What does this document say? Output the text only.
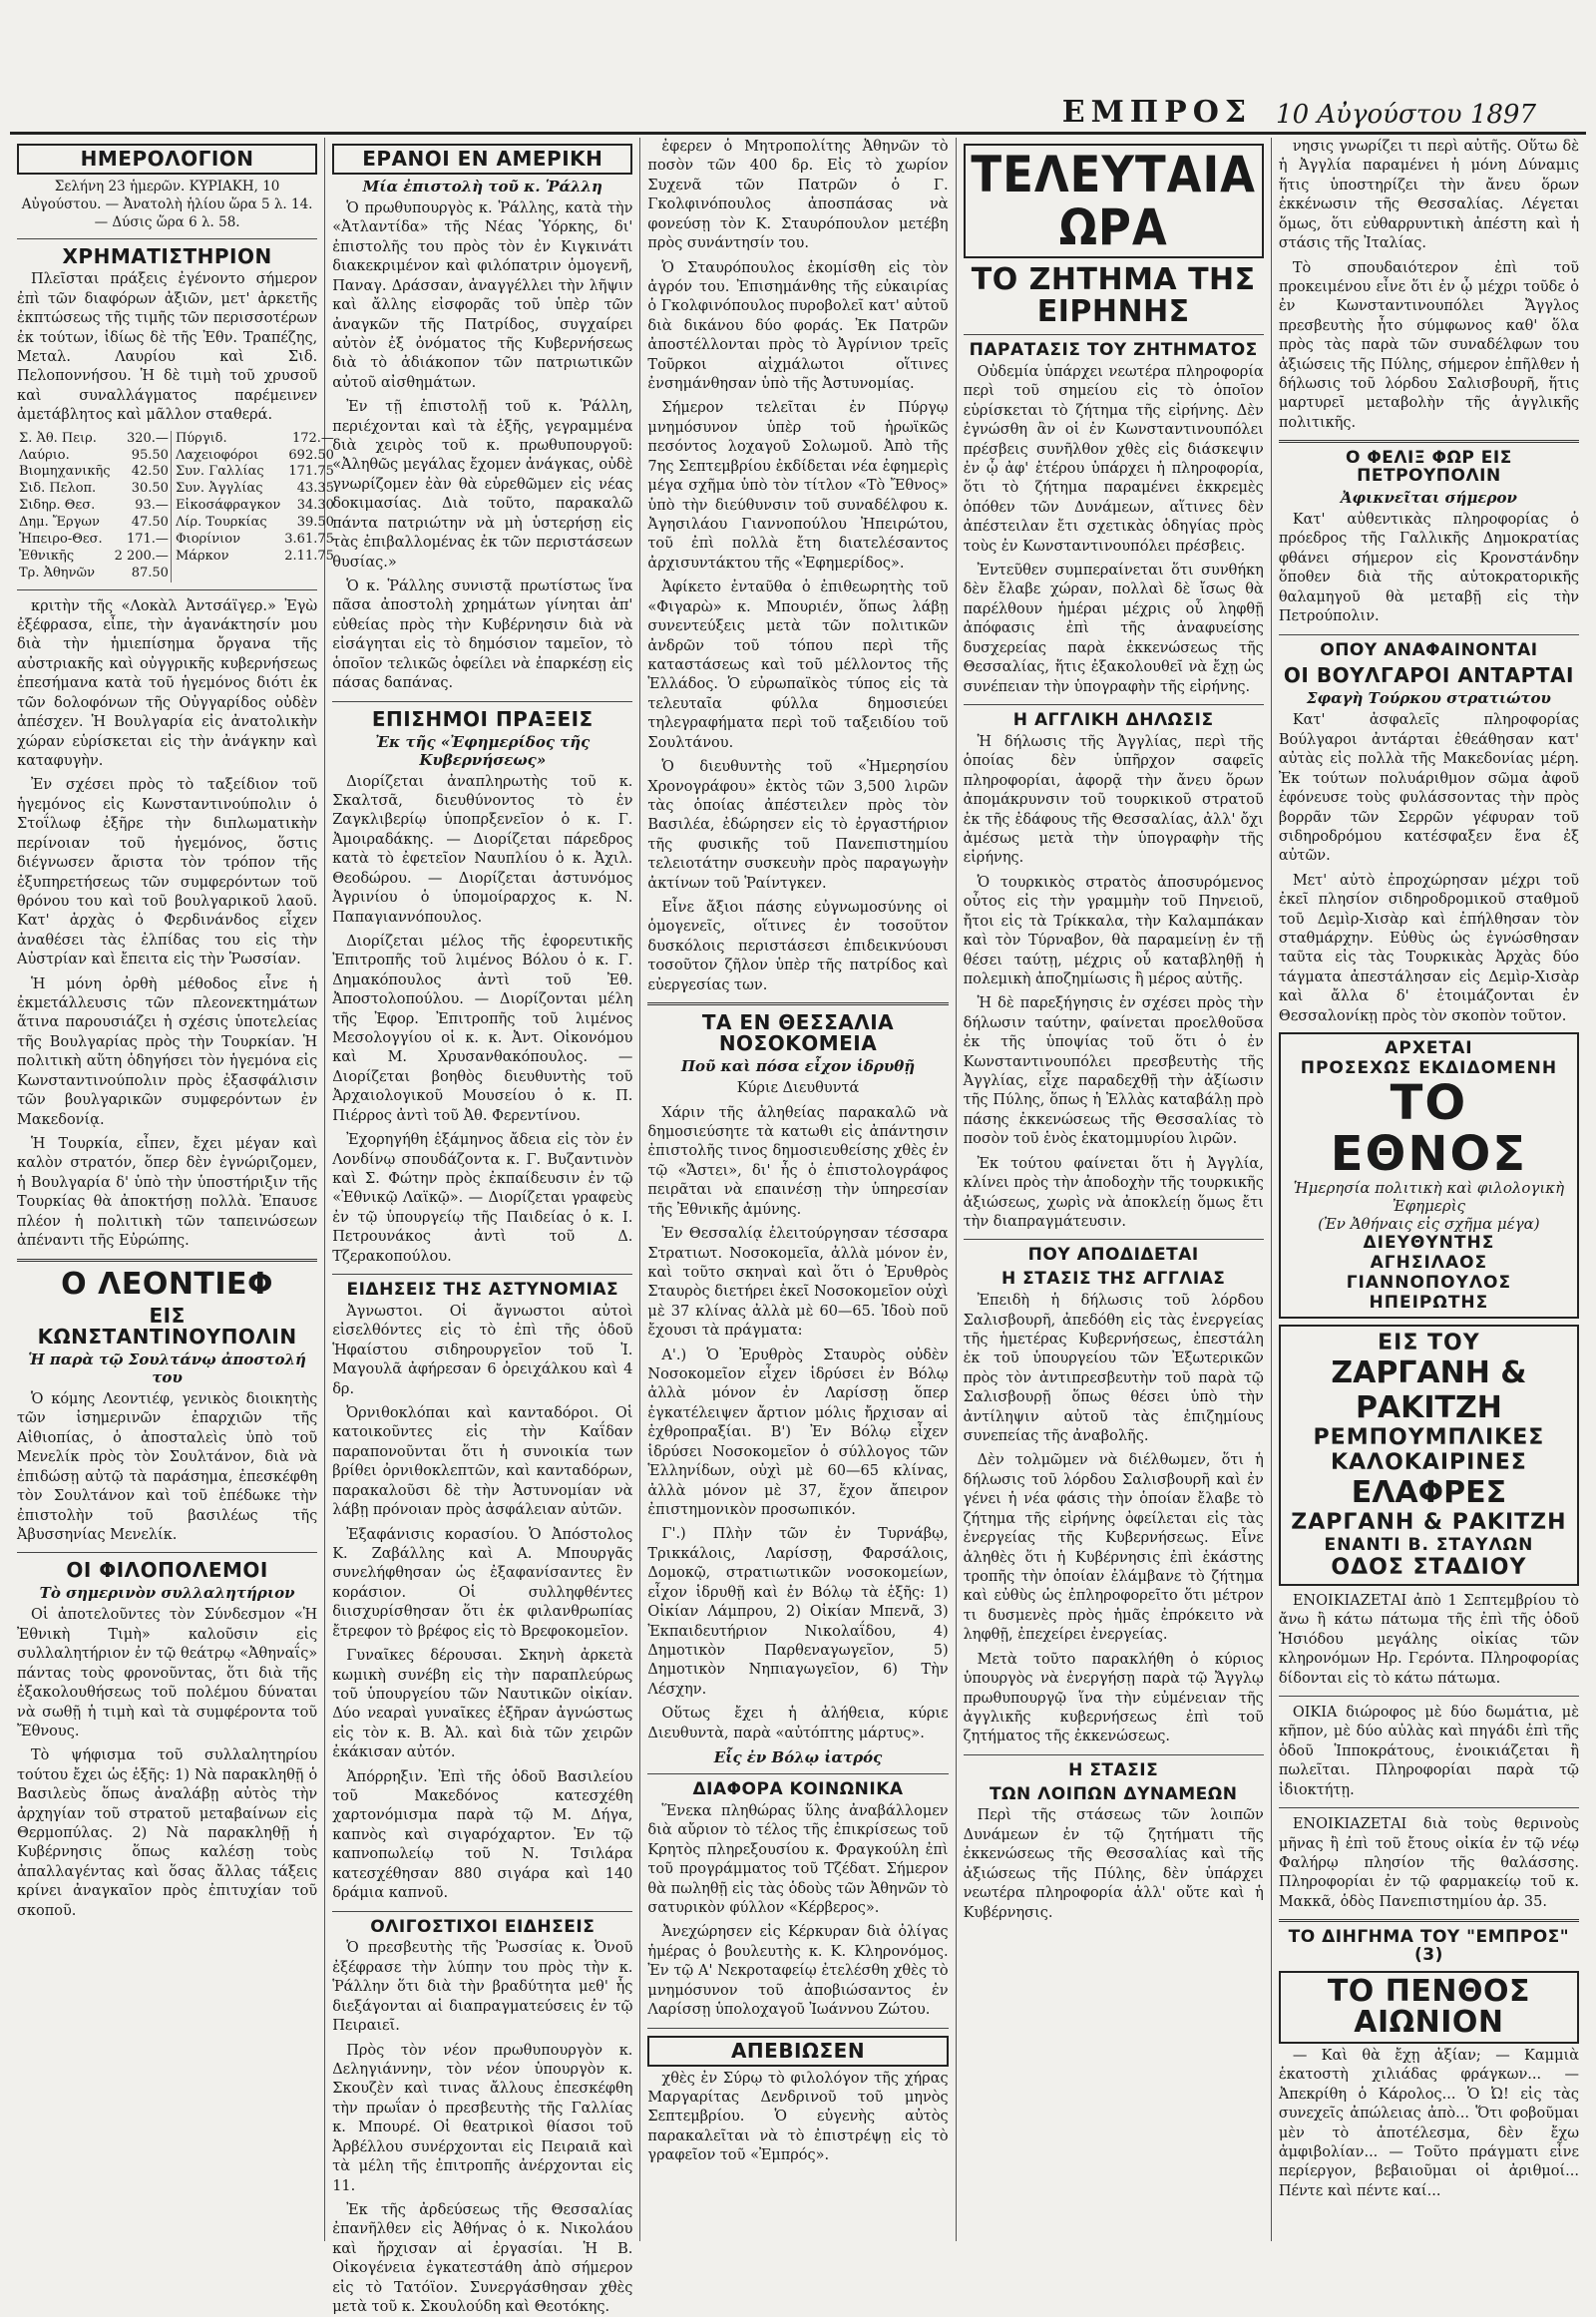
ΕΜΠΡΟΣ 10 Αὐγούστου 1897
ΗΜΕΡΟΛΟΓΙΟΝ

Σελήνη 23 ἡμερῶν. ΚΥΡΙΑΚΗ, 10 Αὐγούστου. — Ἀνατολὴ ἡλίου ὥρα 5 λ. 14. — Δύσις ὥρα 6 λ. 58.

ΧΡΗΜΑΤΙΣΤΗΡΙΟΝ

Πλεῖσται πράξεις ἐγένοντο σήμερον ἐπὶ τῶν διαφόρων ἀξιῶν, μετ' ἀρκετῆς ἐκπτώσεως τῆς τιμῆς τῶν περισσοτέρων ἐκ τούτων, ἰδίως δὲ τῆς Ἐθν. Τραπέζης, Μεταλ. Λαυρίου καὶ Σιδ. Πελοποννήσου. Ἡ δὲ τιμὴ τοῦ χρυσοῦ καὶ συναλλάγματος παρέμεινεν ἀμετάβλητος καὶ μᾶλλον σταθερά.

Σ. Ἀθ. Πειρ.	320.—	Πύργιδ.	172.—
Λαύριο.	95.50	Λαχειοφόροι	692.50
Βιομηχανικῆς	42.50	Συν. Γαλλίας	171.75
Σιδ. Πελοπ.	30.50	Συν. Ἀγγλίας	43.35
Σιδηρ. Θεσ.	93.—	Εἰκοσάφραγκον	34.30
Δημ. Ἔργων	47.50	Λίρ. Τουρκίας	39.50
Ἠπειρο-Θεσ.	171.—	Φιορίνιον	3.61.75
Ἐθνικῆς	2 200.—	Μάρκον	2.11.75
Τρ. Ἀθηνῶν	87.50		

κριτὴν τῆς «Λοκὰλ Ἀντσάϊγερ.» Ἐγὼ ἐξέφρασα, εἶπε, τὴν ἀγανάκτησίν μου διὰ τὴν ἡμιεπίσημα ὄργανα τῆς αὐστριακῆς καὶ οὐγγρικῆς κυβερνήσεως ἐπεσήμανα κατὰ τοῦ ἡγεμόνος διότι ἐκ τῶν δολοφόνων τῆς Οὐγγαρίδος οὐδὲν ἀπέσχεν. Ἡ Βουλγαρία εἰς ἀνατολικὴν χώραν εὑρίσκεται εἰς τὴν ἀνάγκην καὶ καταφυγὴν.

Ἐν σχέσει πρὸς τὸ ταξείδιον τοῦ ἡγεμόνος εἰς Κωνσταντινούπολιν ὁ Στοΐλωφ ἐξῆρε τὴν διπλωματικὴν περίνοιαν τοῦ ἡγεμόνος, ὅστις διέγνωσεν ἄριστα τὸν τρόπον τῆς ἐξυπηρετήσεως τῶν συμφερόντων τοῦ θρόνου του καὶ τοῦ βουλγαρικοῦ λαοῦ. Κατ' ἀρχὰς ὁ Φερδινάνδος εἶχεν ἀναθέσει τὰς ἐλπίδας του εἰς τὴν Αὐστρίαν καὶ ἔπειτα εἰς τὴν Ῥωσσίαν.

Ἡ μόνη ὀρθὴ μέθοδος εἶνε ἡ ἐκμετάλλευσις τῶν πλεονεκτημάτων ἅτινα παρουσιάζει ἡ σχέσις ὑποτελείας τῆς Βουλγαρίας πρὸς τὴν Τουρκίαν. Ἡ πολιτικὴ αὕτη ὁδηγήσει τὸν ἡγεμόνα εἰς Κωνσταντινούπολιν πρὸς ἐξασφάλισιν τῶν βουλγαρικῶν συμφερόντων ἐν Μακεδονίᾳ.

Ἡ Τουρκία, εἶπεν, ἔχει μέγαν καὶ καλὸν στρατόν, ὅπερ δὲν ἐγνώριζομεν, ἡ Βουλγαρία δ' ὑπὸ τὴν ὑποστήριξιν τῆς Τουρκίας θὰ ἀποκτήσῃ πολλὰ. Ἐπαυσε πλέον ἡ πολιτικὴ τῶν ταπεινώσεων ἀπέναντι τῆς Εὐρώπης.

Ο ΛΕΟΝΤΙΕΦ
ΕΙΣ ΚΩΝΣΤΑΝΤΙΝΟΥΠΟΛΙΝ
Ἡ παρὰ τῷ Σουλτάνῳ ἀποστολή του

Ὁ κόμης Λεοντιέφ, γενικὸς διοικητὴς τῶν ἰσημερινῶν ἐπαρχιῶν τῆς Αἰθιοπίας, ὁ ἀποσταλεὶς ὑπὸ τοῦ Μενελίκ πρὸς τὸν Σουλτάνον, διὰ νὰ ἐπιδώσῃ αὐτῷ τὰ παράσημα, ἐπεσκέφθη τὸν Σουλτάνον καὶ τοῦ ἐπέδωκε τὴν ἐπιστολὴν τοῦ βασιλέως τῆς Ἀβυσσηνίας Μενελίκ.

ΟΙ ΦΙΛΟΠΟΛΕΜΟΙ
Τὸ σημερινὸν συλλαλητήριον

Οἱ ἀποτελοῦντες τὸν Σύνδεσμον «Ἡ Ἐθνικὴ Τιμὴ» καλοῦσιν εἰς συλλαλητήριον ἐν τῷ θεάτρῳ «Ἀθηναΐς» πάντας τοὺς φρονοῦντας, ὅτι διὰ τῆς ἐξακολουθήσεως τοῦ πολέμου δύναται νὰ σωθῇ ἡ τιμὴ καὶ τὰ συμφέροντα τοῦ Ἔθνους.

Τὸ ψήφισμα τοῦ συλλαλητηρίου τούτου ἔχει ὡς ἑξῆς: 1) Νὰ παρακληθῇ ὁ Βασιλεὺς ὅπως ἀναλάβῃ αὐτὸς τὴν ἀρχηγίαν τοῦ στρατοῦ μεταβαίνων εἰς Θερμοπύλας. 2) Νὰ παρακληθῇ ἡ Κυβέρνησις ὅπως καλέσῃ τοὺς ἀπαλλαγέντας καὶ ὅσας ἄλλας τάξεις κρίνει ἀναγκαῖον πρὸς ἐπιτυχίαν τοῦ σκοποῦ.

ΕΡΑΝΟΙ ΕΝ ΑΜΕΡΙΚΗ
Μία ἐπιστολὴ τοῦ κ. Ῥάλλη

Ὁ πρωθυπουργὸς κ. Ῥάλλης, κατὰ τὴν «Ἀτλαντίδα» τῆς Νέας Ὑόρκης, δι' ἐπιστολῆς του πρὸς τὸν ἐν Κιγκινάτι διακεκριμένον καὶ φιλόπατριν ὁμογενῆ, Παναγ. Δράσσαν, ἀναγγέλλει τὴν λῆψιν καὶ ἄλλης εἰσφορᾶς τοῦ ὑπὲρ τῶν ἀναγκῶν τῆς Πατρίδος, συγχαίρει αὐτὸν ἐξ ὀνόματος τῆς Κυβερνήσεως διὰ τὸ ἀδιάκοπον τῶν πατριωτικῶν αὐτοῦ αἰσθημάτων.

Ἐν τῇ ἐπιστολῇ τοῦ κ. Ῥάλλη, περιέχονται καὶ τὰ ἑξῆς, γεγραμμένα διὰ χειρὸς τοῦ κ. πρωθυπουργοῦ: «Ἀληθῶς μεγάλας ἔχομεν ἀνάγκας, οὐδὲ γνωρίζομεν ἐὰν θὰ εὑρεθῶμεν εἰς νέας δοκιμασίας. Διὰ τοῦτο, παρακαλῶ πάντα πατριώτην νὰ μὴ ὑστερήσῃ εἰς τὰς ἐπιβαλλομένας ἐκ τῶν περιστάσεων θυσίας.»

Ὁ κ. Ῥάλλης συνιστᾷ πρωτίστως ἵνα πᾶσα ἀποστολὴ χρημάτων γίνηται ἀπ' εὐθείας πρὸς τὴν Κυβέρνησιν διὰ νὰ εἰσάγηται εἰς τὸ δημόσιον ταμεῖον, τὸ ὁποῖον τελικῶς ὀφείλει νὰ ἐπαρκέσῃ εἰς πάσας δαπάνας.

ΕΠΙΣΗΜΟΙ ΠΡΑΞΕΙΣ
Ἐκ τῆς «Ἐφημερίδος τῆς Κυβερνήσεως»

Διορίζεται ἀναπληρωτὴς τοῦ κ. Σκαλτσᾶ, διευθύνοντος τὸ ἐν Ζαγκλιβερίῳ ὑποπρξενεῖον ὁ κ. Γ. Ἀμοιραδάκης. — Διορίζεται πάρεδρος κατὰ τὸ ἐφετεῖον Ναυπλίου ὁ κ. Ἀχιλ. Θεοδώρου. — Διορίζεται ἀστυνόμος Ἀγρινίου ὁ ὑπομοίραρχος κ. Ν. Παπαγιαννόπουλος.

Διορίζεται μέλος τῆς ἐφορευτικῆς Ἐπιτροπῆς τοῦ λιμένος Βόλου ὁ κ. Γ. Δημακόπουλος ἀντὶ τοῦ Ἐθ. Ἀποστολοπούλου. — Διορίζονται μέλη τῆς Ἐφορ. Ἐπιτροπῆς τοῦ λιμένος Μεσολογγίου οἱ κ. κ. Ἀντ. Οἰκονόμου καὶ Μ. Χρυσανθακόπουλος. — Διορίζεται βοηθὸς διευθυντὴς τοῦ Ἀρχαιολογικοῦ Μουσείου ὁ κ. Π. Πιέρρος ἀντὶ τοῦ Ἀθ. Φερεντίνου.

Ἐχορηγήθη ἑξάμηνος ἄδεια εἰς τὸν ἐν Λονδίνῳ σπουδάζοντα κ. Γ. Βυζαντινὸν καὶ Σ. Φώτην πρὸς ἐκπαίδευσιν ἐν τῷ «Ἐθνικῷ Λαϊκῷ». — Διορίζεται γραφεὺς ἐν τῷ ὑπουργείῳ τῆς Παιδείας ὁ κ. Ι. Πετρουνάκος ἀντὶ τοῦ Δ. Τζερακοπούλου.

ΕΙΔΗΣΕΙΣ ΤΗΣ ΑΣΤΥΝΟΜΙΑΣ

Ἀγνωστοι. Οἱ ἄγνωστοι αὐτοὶ εἰσελθόντες εἰς τὸ ἐπὶ τῆς ὁδοῦ Ἡφαίστου σιδηρουργεῖον τοῦ Ἰ. Μαγουλᾶ ἀφήρεσαν 6 ὀρειχάλκου καὶ 4 δρ.

Ὀρνιθοκλόπαι καὶ κανταδόροι. Οἱ κατοικοῦντες εἰς τὴν Καΐδαν παραπονοῦνται ὅτι ἡ συνοικία των βρίθει ὀρνιθοκλεπτῶν, καὶ κανταδόρων, παρακαλοῦσι δὲ τὴν Ἀστυνομίαν νὰ λάβῃ πρόνοιαν πρὸς ἀσφάλειαν αὐτῶν.

Ἐξαφάνισις κορασίου. Ὁ Ἀπόστολος Κ. Ζαβάλλης καὶ Α. Μπουργᾶς συνελήφθησαν ὡς ἐξαφανίσαντες ἓν κοράσιον. Οἱ συλληφθέντες διισχυρίσθησαν ὅτι ἐκ φιλανθρωπίας ἔτρεφον τὸ βρέφος εἰς τὸ Βρεφοκομεῖον.

Γυναῖκες δέρουσαι. Σκηνὴ ἀρκετὰ κωμικὴ συνέβη εἰς τὴν παραπλεύρως τοῦ ὑπουργείου τῶν Ναυτικῶν οἰκίαν. Δύο νεαραὶ γυναῖκες ἐξῆραν ἀγνώστως εἰς τὸν κ. Β. Ἀλ. καὶ διὰ τῶν χειρῶν ἐκάκισαν αὐτόν.

Ἀπόρρηξιν. Ἐπὶ τῆς ὁδοῦ Βασιλείου τοῦ Μακεδόνος κατεσχέθη χαρτονόμισμα παρὰ τῷ Μ. Δήγα, καπνὸς καὶ σιγαρόχαρτον. Ἐν τῷ καπνοπωλείῳ τοῦ Ν. Τσιλάρα κατεσχέθησαν 880 σιγάρα καὶ 140 δράμια καπνοῦ.

ΟΛΙΓΟΣΤΙΧΟΙ ΕΙΔΗΣΕΙΣ

Ὁ πρεσβευτὴς τῆς Ῥωσσίας κ. Ὀνοῦ ἐξέφρασε τὴν λύπην του πρὸς τὴν κ. Ῥάλλην ὅτι διὰ τὴν βραδύτητα μεθ' ἧς διεξάγονται αἱ διαπραγματεύσεις ἐν τῷ Πειραιεῖ.

Πρὸς τὸν νέον πρωθυπουργὸν κ. Δεληγιάννην, τὸν νέον ὑπουργὸν κ. Σκουζὲν καὶ τινας ἄλλους ἐπεσκέφθη τὴν πρωΐαν ὁ πρεσβευτὴς τῆς Γαλλίας κ. Μπουρέ. Οἱ θεατρικοὶ θίασοι τοῦ Ἀρβέλλου συνέρχονται εἰς Πειραιᾶ καὶ τὰ μέλη τῆς ἐπιτροπῆς ἀνέρχονται εἰς 11.

Ἐκ τῆς ἀρδεύσεως τῆς Θεσσαλίας ἐπανῆλθεν εἰς Ἀθήνας ὁ κ. Νικολάου καὶ ἤρχισαν αἱ ἐργασίαι. Ἡ Β. Οἰκογένεια ἐγκατεστάθη ἀπὸ σήμερον εἰς τὸ Τατόϊον. Συνεργάσθησαν χθὲς μετὰ τοῦ κ. Σκουλούδη καὶ Θεοτόκης.

ἐφερεν ὁ Μητροπολίτης Ἀθηνῶν τὸ ποσὸν τῶν 400 δρ. Εἰς τὸ χωρίον Συχενᾶ τῶν Πατρῶν ὁ Γ. Γκολφινόπουλος ἀποσπάσας νὰ φονεύσῃ τὸν Κ. Σταυρόπουλον μετέβη πρὸς συνάντησίν του.

Ὁ Σταυρόπουλος ἐκομίσθη εἰς τὸν ἀγρόν του. Ἐπισημάνθης τῆς εὐκαιρίας ὁ Γκολφινόπουλος πυροβολεῖ κατ' αὐτοῦ διὰ δικάνου δύο φοράς. Ἐκ Πατρῶν ἀποστέλλονται πρὸς τὸ Ἀγρίνιον τρεῖς Τοῦρκοι αἰχμάλωτοι οἵτινες ἐνσημάνθησαν ὑπὸ τῆς Ἀστυνομίας.

Σήμερον τελεῖται ἐν Πύργῳ μνημόσυνον ὑπὲρ τοῦ ἡρωϊκῶς πεσόντος λοχαγοῦ Σολωμοῦ. Ἀπὸ τῆς 7ης Σεπτεμβρίου ἐκδίδεται νέα ἐφημερὶς μέγα σχῆμα ὑπὸ τὸν τίτλον «Τὸ Ἔθνος» ὑπὸ τὴν διεύθυνσιν τοῦ συναδέλφου κ. Ἀγησιλάου Γιαννοπούλου Ἠπειρώτου, τοῦ ἐπὶ πολλὰ ἔτη διατελέσαντος ἀρχισυντάκτου τῆς «Ἐφημερίδος».

Ἀφίκετο ἐνταῦθα ὁ ἐπιθεωρητὴς τοῦ «Φιγαρὼ» κ. Μπουριέν, ὅπως λάβῃ συνεντεύξεις μετὰ τῶν πολιτικῶν ἀνδρῶν τοῦ τόπου περὶ τῆς καταστάσεως καὶ τοῦ μέλλοντος τῆς Ἑλλάδος. Ὁ εὐρωπαϊκὸς τύπος εἰς τὰ τελευταῖα φύλλα δημοσιεύει τηλεγραφήματα περὶ τοῦ ταξειδίου τοῦ Σουλτάνου.

Ὁ διευθυντὴς τοῦ «Ἡμερησίου Χρονογράφου» ἐκτὸς τῶν 3,500 λιρῶν τὰς ὁποίας ἀπέστειλεν πρὸς τὸν Βασιλέα, ἐδώρησεν εἰς τὸ ἐργαστήριον τῆς φυσικῆς τοῦ Πανεπιστημίου τελειοτάτην συσκευὴν πρὸς παραγωγὴν ἀκτίνων τοῦ Ῥαίντγκεν.

Εἶνε ἄξιοι πάσης εὐγνωμοσύνης οἱ ὁμογενεῖς, οἵτινες ἐν τοσοῦτον δυσκόλοις περιστάσεσι ἐπιδεικνύουσι τοσοῦτον ζῆλον ὑπὲρ τῆς πατρίδος καὶ εὐεργεσίας των.

ΤΑ ΕΝ ΘΕΣΣΑΛΙΑ ΝΟΣΟΚΟΜΕΙΑ
Ποῦ καὶ πόσα εἶχον ἱδρυθῇ

Κύριε Διευθυντά

Χάριν τῆς ἀληθείας παρακαλῶ νὰ δημοσιεύσητε τὰ κατωθι εἰς ἀπάντησιν ἐπιστολῆς τινος δημοσιευθείσης χθὲς ἐν τῷ «Ἄστει», δι' ἧς ὁ ἐπιστολογράφος πειρᾶται νὰ επαινέσῃ τὴν ὑπηρεσίαν τῆς Ἐθνικῆς ἀμύνης.

Ἐν Θεσσαλίᾳ ἐλειτούργησαν τέσσαρα Στρατιωτ. Νοσοκομεῖα, ἀλλὰ μόνον ἐν, καὶ τοῦτο σκηναὶ καὶ ὅτι ὁ Ἐρυθρὸς Σταυρὸς διετήρει ἐκεῖ Νοσοκομεῖον οὐχὶ μὲ 37 κλίνας ἀλλὰ μὲ 60—65. Ἰδοὺ ποῦ ἔχουσι τὰ πράγματα:

Α'.) Ὁ Ἐρυθρὸς Σταυρὸς οὐδὲν Νοσοκομεῖον εἶχεν ἱδρύσει ἐν Βόλῳ ἀλλὰ μόνον ἐν Λαρίσσῃ ὅπερ ἐγκατέλειψεν ἄρτιον μόλις ἤρχισαν αἱ ἐχθροπραξίαι. Β') Ἐν Βόλῳ εἶχεν ἱδρύσει Νοσοκομεῖον ὁ σύλλογος τῶν Ἑλληνίδων, οὐχὶ μὲ 60—65 κλίνας, ἀλλὰ μόνον μὲ 37, ἔχον ἄπειρον ἐπιστημονικὸν προσωπικόν.

Γ'.) Πλὴν τῶν ἐν Τυρνάβῳ, Τρικκάλοις, Λαρίσσῃ, Φαρσάλοις, Δομοκῷ, στρατιωτικῶν νοσοκομείων, εἶχον ἱδρυθῇ καὶ ἐν Βόλῳ τὰ ἑξῆς: 1) Οἰκίαν Λάμπρου, 2) Οἰκίαν Μπενᾶ, 3) Ἐκπαιδευτήριον Νικολαΐδου, 4) Δημοτικὸν Παρθεναγωγεῖον, 5) Δημοτικὸν Νηπιαγωγεῖον, 6) Τὴν Λέσχην.

Οὕτως ἔχει ἡ ἀλήθεια, κύριε Διευθυντὰ, παρὰ «αὐτόπτης μάρτυς».

Εἷς ἐν Βόλῳ ἰατρός
ΔΙΑΦΟΡΑ ΚΟΙΝΩΝΙΚΑ

Ἕνεκα πληθώρας ὕλης ἀναβάλλομεν διὰ αὔριον τὸ τέλος τῆς ἐπικρίσεως τοῦ Κρητὸς πληρεξουσίου κ. Φραγκούλη ἐπὶ τοῦ προγράμματος τοῦ Τζέδατ. Σήμερον θὰ πωληθῇ εἰς τὰς ὁδοὺς τῶν Ἀθηνῶν τὸ σατυρικὸν φύλλον «Κέρβερος».

Ἀνεχώρησεν εἰς Κέρκυραν διὰ ὀλίγας ἡμέρας ὁ βουλευτὴς κ. Κ. Κληρονόμος. Ἐν τῷ Α' Νεκροταφείῳ ἐτελέσθη χθὲς τὸ μνημόσυνον τοῦ ἀποβιώσαντος ἐν Λαρίσσῃ ὑπολοχαγοῦ Ἰωάννου Ζώτου.

ΑΠΕΒΙΩΣΕΝ

χθὲς ἐν Σύρῳ τὸ φιλολόγον τῆς χήρας Μαργαρίτας Δενδρινοῦ τοῦ μηνὸς Σεπτεμβρίου. Ὁ εὐγενὴς αὐτὸς παρακαλεῖται νὰ τὸ ἐπιστρέψῃ εἰς τὸ γραφεῖον τοῦ «Ἐμπρός».

ΤΕΛΕΥΤΑΙΑ ΩΡΑ
ΤΟ ΖΗΤΗΜΑ ΤΗΣ ΕΙΡΗΝΗΣ
ΠΑΡΑΤΑΣΙΣ ΤΟΥ ΖΗΤΗΜΑΤΟΣ

Οὐδεμία ὑπάρχει νεωτέρα πληροφορία περὶ τοῦ σημείου εἰς τὸ ὁποῖον εὑρίσκεται τὸ ζήτημα τῆς εἰρήνης. Δὲν ἐγνώσθη ἂν οἱ ἐν Κωνσταντινουπόλει πρέσβεις συνῆλθον χθὲς εἰς διάσκεψιν ἐν ᾧ ἀφ' ἑτέρου ὑπάρχει ἡ πληροφορία, ὅτι τὸ ζήτημα παραμένει ἐκκρεμὲς ὁπόθεν τῶν Δυνάμεων, αἵτινες δὲν ἀπέστειλαν ἔτι σχετικὰς ὁδηγίας πρὸς τοὺς ἐν Κωνσταντινουπόλει πρέσβεις.

Ἐντεῦθεν συμπεραίνεται ὅτι συνθήκη δὲν ἔλαβε χώραν, πολλαὶ δὲ ἴσως θὰ παρέλθουν ἡμέραι μέχρις οὗ ληφθῇ ἀπόφασις ἐπὶ τῆς ἀναφυείσης δυσχερείας παρὰ ἐκκενώσεως τῆς Θεσσαλίας, ἥτις ἐξακολουθεῖ νὰ ἔχῃ ὡς συνέπειαν τὴν ὑπογραφὴν τῆς εἰρήνης.

Η ΑΓΓΛΙΚΗ ΔΗΛΩΣΙΣ

Ἡ δήλωσις τῆς Ἀγγλίας, περὶ τῆς ὁποίας δὲν ὑπῆρχον σαφεῖς πληροφορίαι, ἀφορᾷ τὴν ἄνευ ὅρων ἀπομάκρυνσιν τοῦ τουρκικοῦ στρατοῦ ἐκ τῆς ἐδάφους τῆς Θεσσαλίας, ἀλλ' ὄχι ἀμέσως μετὰ τὴν ὑπογραφὴν τῆς εἰρήνης.

Ὁ τουρκικὸς στρατὸς ἀποσυρόμενος οὗτος εἰς τὴν γραμμὴν τοῦ Πηνειοῦ, ἤτοι εἰς τὰ Τρίκκαλα, τὴν Καλαμπάκαν καὶ τὸν Τύρναβον, θὰ παραμείνῃ ἐν τῇ θέσει ταύτῃ, μέχρις οὗ καταβληθῇ ἡ πολεμικὴ ἀποζημίωσις ἢ μέρος αὐτῆς.

Ἡ δὲ παρεξήγησις ἐν σχέσει πρὸς τὴν δήλωσιν ταύτην, φαίνεται προελθοῦσα ἐκ τῆς ὑποψίας τοῦ ὅτι ὁ ἐν Κωνσταντινουπόλει πρεσβευτὴς τῆς Ἀγγλίας, εἶχε παραδεχθῇ τὴν ἀξίωσιν τῆς Πύλης, ὅπως ἡ Ἑλλὰς καταβάλῃ πρὸ πάσης ἐκκενώσεως τῆς Θεσσαλίας τὸ ποσὸν τοῦ ἑνὸς ἑκατομμυρίου λιρῶν.

Ἐκ τούτου φαίνεται ὅτι ἡ Ἀγγλία, κλίνει πρὸς τὴν ἀποδοχὴν τῆς τουρκικῆς ἀξιώσεως, χωρὶς νὰ ἀποκλείῃ ὅμως ἔτι τὴν διαπραγμάτευσιν.

ΠΟΥ ΑΠΟΔΙΔΕΤΑΙ
Η ΣΤΑΣΙΣ ΤΗΣ ΑΓΓΛΙΑΣ

Ἐπειδὴ ἡ δήλωσις τοῦ λόρδου Σαλισβουρῆ, ἀπεδόθη εἰς τὰς ἐνεργείας τῆς ἡμετέρας Κυβερνήσεως, ἐπεστάλη ἐκ τοῦ ὑπουργείου τῶν Ἐξωτερικῶν πρὸς τὸν ἀντιπρεσβευτὴν τοῦ παρὰ τῷ Σαλισβουρῇ ὅπως θέσει ὑπὸ τὴν ἀντίληψιν αὐτοῦ τὰς ἐπιζημίους συνεπείας τῆς ἀναβολῆς.

Δὲν τολμῶμεν νὰ διέλθωμεν, ὅτι ἡ δήλωσις τοῦ λόρδου Σαλισβουρῆ καὶ ἐν γένει ἡ νέα φάσις τὴν ὁποίαν ἔλαβε τὸ ζήτημα τῆς εἰρήνης ὀφείλεται εἰς τὰς ἐνεργείας τῆς Κυβερνήσεως. Εἶνε ἀληθὲς ὅτι ἡ Κυβέρνησις ἐπὶ ἑκάστης τροπῆς τὴν ὁποίαν ἐλάμβανε τὸ ζήτημα καὶ εὐθὺς ὡς ἐπληροφορεῖτο ὅτι μέτρον τι δυσμενὲς πρὸς ἡμᾶς ἐπρόκειτο νὰ ληφθῇ, ἐπεχείρει ἐνεργείας.

Μετὰ τοῦτο παρακλήθη ὁ κύριος ὑπουργὸς νὰ ἐνεργήσῃ παρὰ τῷ Ἄγγλῳ πρωθυπουργῷ ἵνα τὴν εὐμένειαν τῆς ἀγγλικῆς κυβερνήσεως ἐπὶ τοῦ ζητήματος τῆς ἐκκενώσεως.

Η ΣΤΑΣΙΣ
ΤΩΝ ΛΟΙΠΩΝ ΔΥΝΑΜΕΩΝ

Περὶ τῆς στάσεως τῶν λοιπῶν Δυνάμεων ἐν τῷ ζητήματι τῆς ἐκκενώσεως τῆς Θεσσαλίας καὶ τῆς ἀξιώσεως τῆς Πύλης, δὲν ὑπάρχει νεωτέρα πληροφορία ἀλλ' οὔτε καὶ ἡ Κυβέρνησις.

νησις γνωρίζει τι περὶ αὐτῆς. Οὕτω δὲ ἡ Ἀγγλία παραμένει ἡ μόνη Δύναμις ἥτις ὑποστηρίζει τὴν ἄνευ ὅρων ἐκκένωσιν τῆς Θεσσαλίας. Λέγεται ὅμως, ὅτι εὐθαρρυντικὴ ἀπέστη καὶ ἡ στάσις τῆς Ἰταλίας.

Τὸ σπουδαιότερον ἐπὶ τοῦ προκειμένου εἶνε ὅτι ἐν ᾧ μέχρι τοῦδε ὁ ἐν Κωνσταντινουπόλει Ἄγγλος πρεσβευτὴς ἦτο σύμφωνος καθ' ὅλα πρὸς τὰς παρὰ τῶν συναδέλφων του ἀξιώσεις τῆς Πύλης, σήμερον ἐπῆλθεν ἡ δήλωσις τοῦ λόρδου Σαλισβουρῆ, ἥτις μαρτυρεῖ μεταβολὴν τῆς ἀγγλικῆς πολιτικῆς.

Ο ΦΕΛΙΞ ΦΩΡ ΕΙΣ ΠΕΤΡΟΥΠΟΛΙΝ
Ἀφικνεῖται σήμερον

Κατ' αὐθεντικὰς πληροφορίας ὁ πρόεδρος τῆς Γαλλικῆς Δημοκρατίας φθάνει σήμερον εἰς Κρονστάνδην ὅποθεν διὰ τῆς αὐτοκρατορικῆς θαλαμηγοῦ θὰ μεταβῇ εἰς τὴν Πετρούπολιν.

ΟΠΟΥ ΑΝΑΦΑΙΝΟΝΤΑΙ
ΟΙ ΒΟΥΛΓΑΡΟΙ ΑΝΤΑΡΤΑΙ
Σφαγὴ Τούρκου στρατιώτου

Κατ' ἀσφαλεῖς πληροφορίας Βούλγαροι ἀντάρται ἐθεάθησαν κατ' αὐτὰς εἰς πολλὰ τῆς Μακεδονίας μέρη. Ἐκ τούτων πολυάριθμον σῶμα ἀφοῦ ἐφόνευσε τοὺς φυλάσσοντας τὴν πρὸς βορρᾶν τῶν Σερρῶν γέφυραν τοῦ σιδηροδρόμου κατέσφαξεν ἕνα ἐξ αὐτῶν.

Μετ' αὐτὸ ἐπροχώρησαν μέχρι τοῦ ἐκεῖ πλησίον σιδηροδρομικοῦ σταθμοῦ τοῦ Δεμὶρ-Χισὰρ καὶ ἐπήλθησαν τὸν σταθμάρχην. Εὐθὺς ὡς ἐγνώσθησαν ταῦτα εἰς τὰς Τουρκικὰς Ἀρχὰς δύο τάγματα ἀπεστάλησαν εἰς Δεμὶρ-Χισὰρ καὶ ἄλλα δ' ἑτοιμάζονται ἐν Θεσσαλονίκῃ πρὸς τὸν σκοπὸν τοῦτον.

ΑΡΧΕΤΑΙ
ΠΡΟΣΕΧΩΣ ΕΚΔΙΔΟΜΕΝΗ
ΤΟ ΕΘΝΟΣ
Ἡμερησία πολιτικὴ καὶ φιλολογικὴ Ἐφημερὶς
(Ἐν Ἀθήναις εἰς σχῆμα μέγα)
ΔΙΕΥΘΥΝΤΗΣ
ΑΓΗΣΙΛΑΟΣ ΓΙΑΝΝΟΠΟΥΛΟΣ
ΗΠΕΙΡΩΤΗΣ
ΕΙΣ ΤΟΥ
ΖΑΡΓΑΝΗ & ΡΑΚΙΤΖΗ
ΡΕΜΠΟΥΜΠΛΙΚΕΣ
ΚΑΛΟΚΑΙΡΙΝΕΣ
ΕΛΑΦΡΕΣ
ΖΑΡΓΑΝΗ & ΡΑΚΙΤΖΗ
ΕΝΑΝΤΙ Β. ΣΤΑΥΛΩΝ
ΟΔΟΣ ΣΤΑΔΙΟΥ

ΕΝΟΙΚΙΑΖΕΤΑΙ ἀπὸ 1 Σεπτεμβρίου τὸ ἄνω ἢ κάτω πάτωμα τῆς ἐπὶ τῆς ὁδοῦ Ἡσιόδου μεγάλης οἰκίας τῶν κληρονόμων Ηρ. Γερόντα. Πληροφορίας δίδονται εἰς τὸ κάτω πάτωμα.

ΟΙΚΙΑ διώροφος μὲ δύο δωμάτια, μὲ κῆπον, μὲ δύο αὐλὰς καὶ πηγάδι ἐπὶ τῆς ὁδοῦ Ἱπποκράτους, ἐνοικιάζεται ἢ πωλεῖται. Πληροφορίαι παρὰ τῷ ἰδιοκτήτῃ.

ΕΝΟΙΚΙΑΖΕΤΑΙ διὰ τοὺς θερινοὺς μῆνας ἢ ἐπὶ τοῦ ἔτους οἰκία ἐν τῷ νέῳ Φαλήρῳ πλησίον τῆς θαλάσσης. Πληροφορίαι ἐν τῷ φαρμακείῳ τοῦ κ. Μακκᾶ, ὁδὸς Πανεπιστημίου ἀρ. 35.

ΤΟ ΔΙΗΓΗΜΑ ΤΟΥ "ΕΜΠΡΟΣ" (3)
ΤΟ ΠΕΝΘΟΣ ΑΙΩΝΙΟΝ

— Καὶ θὰ ἔχῃ ἀξίαν; — Καμμιὰ ἑκατοστὴ χιλιάδας φράγκων... — Ἀπεκρίθη ὁ Κάρολος... Ὁ Ὠ! εἰς τὰς συνεχεῖς ἀπώλειας ἀπὸ... Ὅτι φοβοῦμαι μὲν τὸ ἀποτέλεσμα, δὲν ἔχω ἀμφιβολίαν... — Τοῦτο πράγματι εἶνε περίεργον, βεβαιοῦμαι οἱ ἀριθμοί... Πέντε καὶ πέντε καί...
